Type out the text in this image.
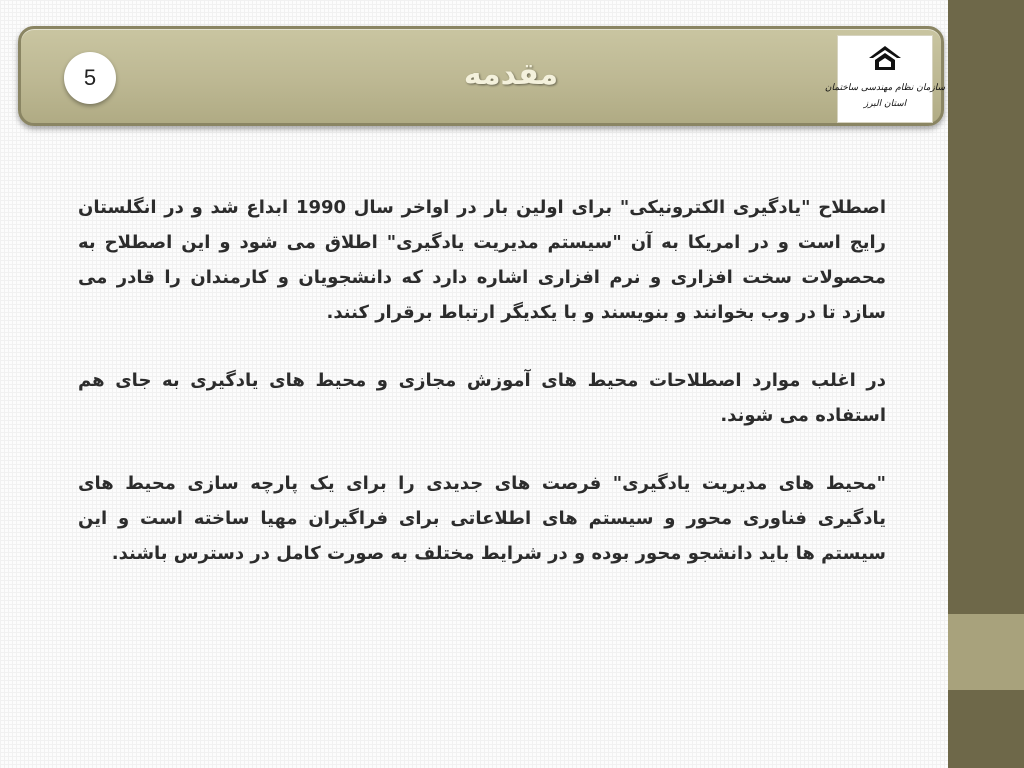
5	مقدمه	سازمان نظام مهندسی ساختمان
استان البرز

اصطلاح "یادگیری الکترونیکی" برای اولین بار در اواخر سال 1990 ابداع شد و در انگلستان رایج است و در امریکا به آن "سیستم مدیریت یادگیری" اطلاق می شود و این اصطلاح به محصولات سخت افزاری و نرم افزاری اشاره دارد که دانشجویان و کارمندان را قادر می سازد تا در وب بخوانند و بنویسند و با یکدیگر ارتباط برقرار کنند.

در اغلب موارد اصطلاحات محیط های آموزش مجازی و محیط های یادگیری به جای هم استفاده می شوند.

"محیط های مدیریت یادگیری" فرصت های جدیدی را برای یک پارچه سازی محیط های یادگیری فناوری محور و سیستم های اطلاعاتی برای فراگیران مهیا ساخته است و این سیستم ها باید دانشجو محور بوده و در شرایط مختلف به صورت کامل در دسترس باشند.
